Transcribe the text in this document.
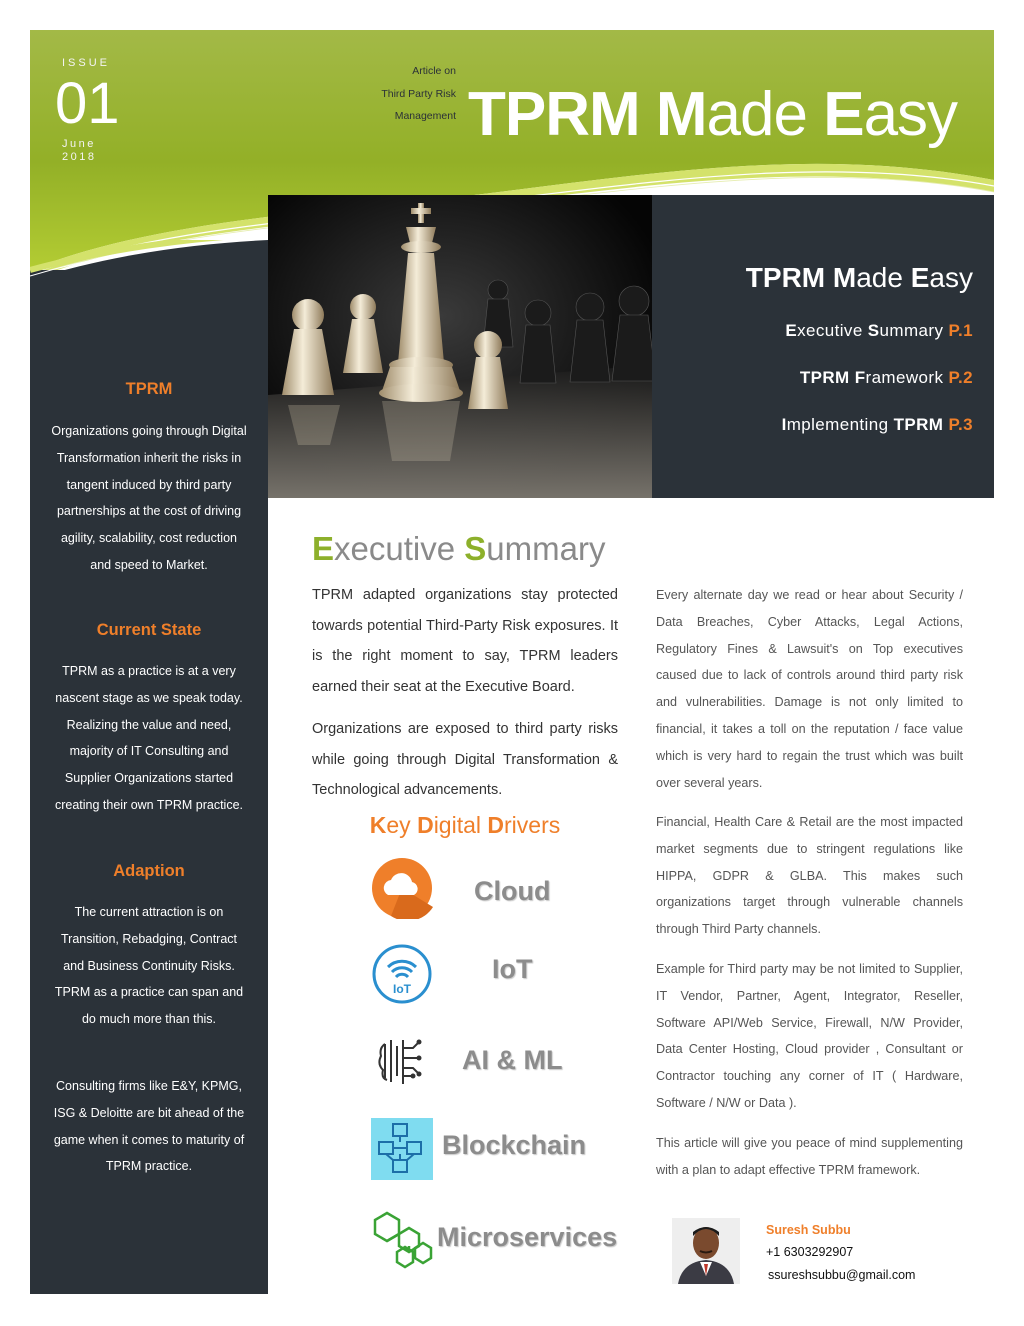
ISSUE
01
June
2018
Article on
Third Party Risk
Management TPRM Made Easy
TPRM
Organizations going through Digital Transformation inherit the risks in tangent induced by third party partnerships at the cost of driving agility, scalability, cost reduction and speed to Market.
Current State
TPRM as a practice is at a very nascent stage as we speak today. Realizing the value and need, majority of IT Consulting and Supplier Organizations started creating their own TPRM practice.
Adaption
The current attraction is on Transition, Rebadging, Contract and Business Continuity Risks. TPRM as a practice can span and do much more than this.
Consulting firms like E&Y, KPMG, ISG & Deloitte are bit ahead of the game when it comes to maturity of TPRM practice.
TPRM Made Easy
Executive Summary P.1
TPRM Framework P.2
Implementing TPRM P.3
Executive Summary
TPRM adapted organizations stay protected towards potential Third-Party Risk exposures. It is the right moment to say, TPRM leaders earned their seat at the Executive Board.
Organizations are exposed to third party risks while going through Digital Transformation & Technological advancements.
Every alternate day we read or hear about Security / Data Breaches, Cyber Attacks, Legal Actions, Regulatory Fines & Lawsuit's on Top executives caused due to lack of controls around third party risk and vulnerabilities. Damage is not only limited to financial, it takes a toll on the reputation / face value which is very hard to regain the trust which was built over several years.
Financial, Health Care & Retail are the most impacted market segments due to stringent regulations like HIPPA, GDPR & GLBA. This makes such organizations target through vulnerable channels through Third Party channels.
Example for Third party may be not limited to Supplier, IT Vendor, Partner, Agent, Integrator, Reseller, Software API/Web Service, Firewall, N/W Provider, Data Center Hosting, Cloud provider , Consultant or Contractor touching any corner of IT ( Hardware, Software / N/W or Data ).
This article will give you peace of mind supplementing with a plan to adapt effective TPRM framework.
Key Digital Drivers
Cloud
IoT
IoT
AI & ML
Blockchain
Microservices	Suresh Subbu
+1 6303292907
ssureshsubbu@gmail.com
